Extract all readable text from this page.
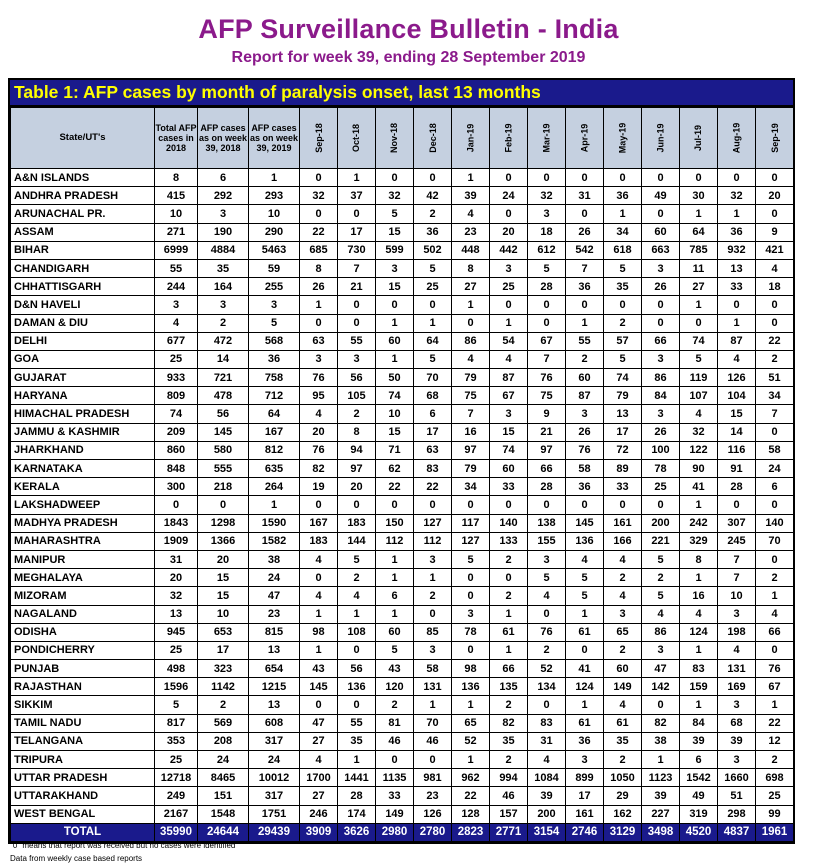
AFP Surveillance Bulletin - India
Report for week 39, ending 28 September 2019
Table 1: AFP cases by month of paralysis onset, last 13 months
State/UT's	Total AFP cases in 2018	AFP cases as on week 39, 2018	AFP cases as on week 39, 2019	Sep-18	Oct-18	Nov-18	Dec-18	Jan-19	Feb-19	Mar-19	Apr-19	May-19	Jun-19	Jul-19	Aug-19	Sep-19
A&N ISLANDS	8	6	1	0	1	0	0	1	0	0	0	0	0	0	0	0
ANDHRA PRADESH	415	292	293	32	37	32	42	39	24	32	31	36	49	30	32	20
ARUNACHAL PR.	10	3	10	0	0	5	2	4	0	3	0	1	0	1	1	0
ASSAM	271	190	290	22	17	15	36	23	20	18	26	34	60	64	36	9
BIHAR	6999	4884	5463	685	730	599	502	448	442	612	542	618	663	785	932	421
CHANDIGARH	55	35	59	8	7	3	5	8	3	5	7	5	3	11	13	4
CHHATTISGARH	244	164	255	26	21	15	25	27	25	28	36	35	26	27	33	18
D&N HAVELI	3	3	3	1	0	0	0	1	0	0	0	0	0	1	0	0
DAMAN & DIU	4	2	5	0	0	1	1	0	1	0	1	2	0	0	1	0
DELHI	677	472	568	63	55	60	64	86	54	67	55	57	66	74	87	22
GOA	25	14	36	3	3	1	5	4	4	7	2	5	3	5	4	2
GUJARAT	933	721	758	76	56	50	70	79	87	76	60	74	86	119	126	51
HARYANA	809	478	712	95	105	74	68	75	67	75	87	79	84	107	104	34
HIMACHAL PRADESH	74	56	64	4	2	10	6	7	3	9	3	13	3	4	15	7
JAMMU & KASHMIR	209	145	167	20	8	15	17	16	15	21	26	17	26	32	14	0
JHARKHAND	860	580	812	76	94	71	63	97	74	97	76	72	100	122	116	58
KARNATAKA	848	555	635	82	97	62	83	79	60	66	58	89	78	90	91	24
KERALA	300	218	264	19	20	22	22	34	33	28	36	33	25	41	28	6
LAKSHADWEEP	0	0	1	0	0	0	0	0	0	0	0	0	0	1	0	0
MADHYA PRADESH	1843	1298	1590	167	183	150	127	117	140	138	145	161	200	242	307	140
MAHARASHTRA	1909	1366	1582	183	144	112	112	127	133	155	136	166	221	329	245	70
MANIPUR	31	20	38	4	5	1	3	5	2	3	4	4	5	8	7	0
MEGHALAYA	20	15	24	0	2	1	1	0	0	5	5	2	2	1	7	2
MIZORAM	32	15	47	4	4	6	2	0	2	4	5	4	5	16	10	1
NAGALAND	13	10	23	1	1	1	0	3	1	0	1	3	4	4	3	4
ODISHA	945	653	815	98	108	60	85	78	61	76	61	65	86	124	198	66
PONDICHERRY	25	17	13	1	0	5	3	0	1	2	0	2	3	1	4	0
PUNJAB	498	323	654	43	56	43	58	98	66	52	41	60	47	83	131	76
RAJASTHAN	1596	1142	1215	145	136	120	131	136	135	134	124	149	142	159	169	67
SIKKIM	5	2	13	0	0	2	1	1	2	0	1	4	0	1	3	1
TAMIL NADU	817	569	608	47	55	81	70	65	82	83	61	61	82	84	68	22
TELANGANA	353	208	317	27	35	46	46	52	35	31	36	35	38	39	39	12
TRIPURA	25	24	24	4	1	0	0	1	2	4	3	2	1	6	3	2
UTTAR PRADESH	12718	8465	10012	1700	1441	1135	981	962	994	1084	899	1050	1123	1542	1660	698
UTTARAKHAND	249	151	317	27	28	33	23	22	46	39	17	29	39	49	51	25
WEST BENGAL	2167	1548	1751	246	174	149	126	128	157	200	161	162	227	319	298	99
TOTAL	35990	24644	29439	3909	3626	2980	2780	2823	2771	3154	2746	3129	3498	4520	4837	1961
"0" means that report was received but no cases were identified
Data from weekly case based reports
